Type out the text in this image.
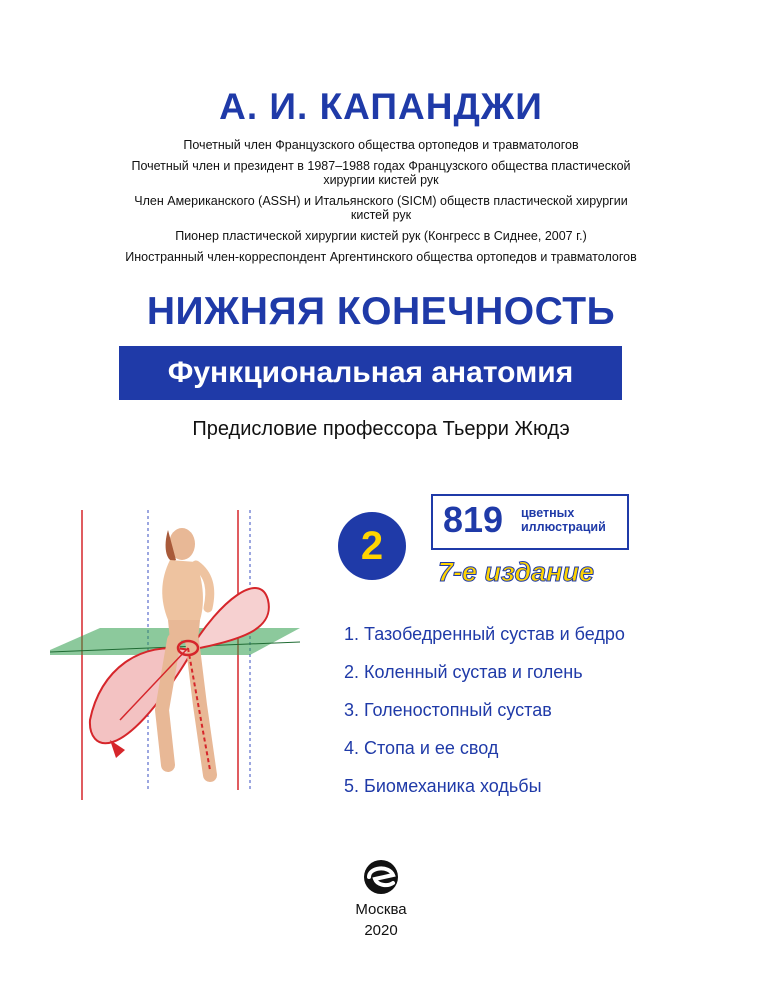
А. И. КАПАНДЖИ
Почетный член Французского общества ортопедов и травматологов
Почетный член и президент в 1987–1988 годах Французского общества пластической хирургии кистей рук
Член Американского (ASSH) и Итальянского (SICM) обществ пластической хирургии кистей рук
Пионер пластической хирургии кистей рук (Конгресс в Сиднее, 2007 г.)
Иностранный член-корреспондент Аргентинского общества ортопедов и травматологов
НИЖНЯЯ КОНЕЧНОСТЬ
Функциональная анатомия
Предисловие профессора Тьерри Жюдэ
2
819 цветных иллюстраций
7-е издание
1. Тазобедренный сустав и бедро
2. Коленный сустав и голень
3. Голеностопный сустав
4. Стопа и ее свод
5. Биомеханика ходьбы
Москва
2020
